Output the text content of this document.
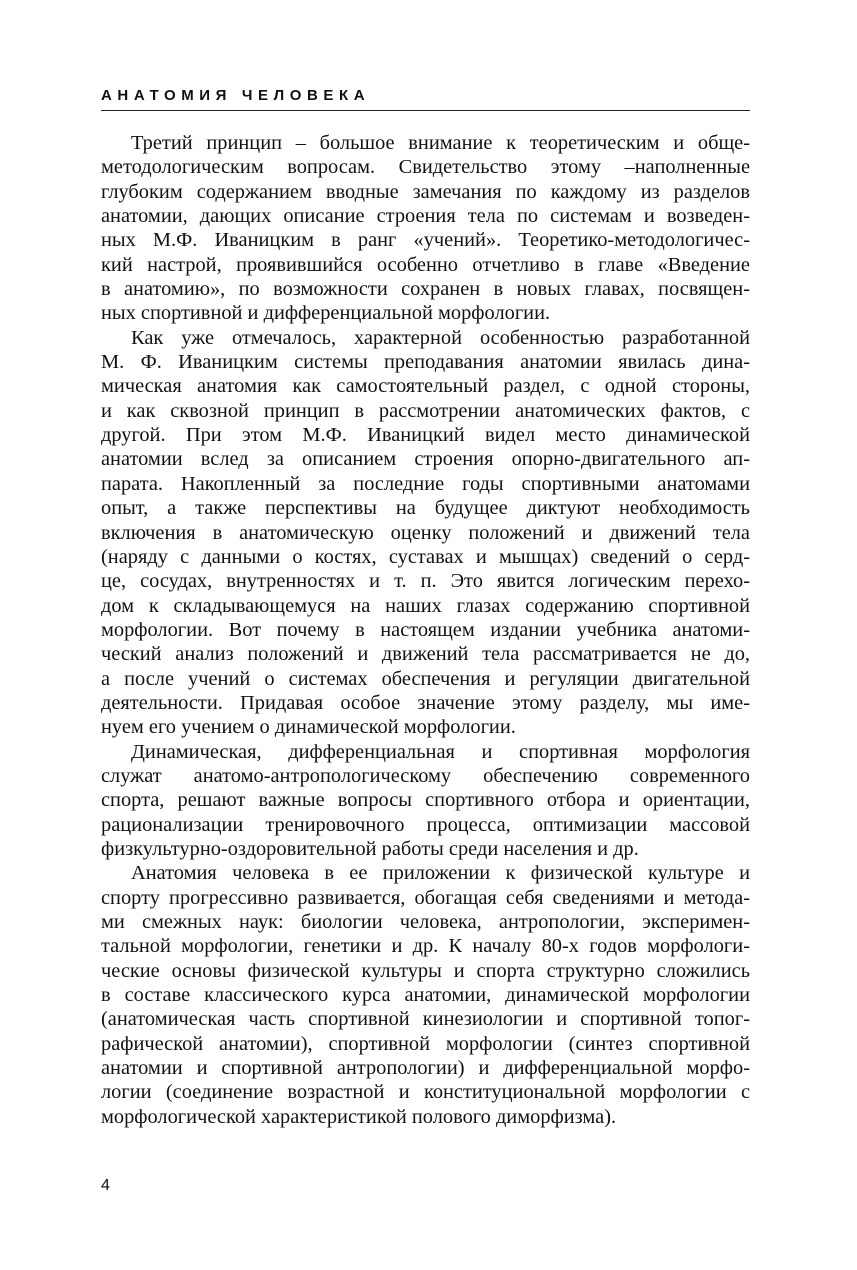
АНАТОМИЯ ЧЕЛОВЕКА
Третий принцип – большое внимание к теоретическим и обще-
методологическим вопросам. Свидетельство этому –наполненные
глубоким содержанием вводные замечания по каждому из разделов
анатомии, дающих описание строения тела по системам и возведен-
ных М.Ф. Иваницким в ранг «учений». Теоретико-методологичес-
кий настрой, проявившийся особенно отчетливо в главе «Введение
в анатомию», по возможности сохранен в новых главах, посвящен-
ных спортивной и дифференциальной морфологии.
Как уже отмечалось, характерной особенностью разработанной
М. Ф. Иваницким системы преподавания анатомии явилась дина-
мическая анатомия как самостоятельный раздел, с одной стороны,
и как сквозной принцип в рассмотрении анатомических фактов, с
другой. При этом М.Ф. Иваницкий видел место динамической
анатомии вслед за описанием строения опорно-двигательного ап-
парата. Накопленный за последние годы спортивными анатомами
опыт, а также перспективы на будущее диктуют необходимость
включения в анатомическую оценку положений и движений тела
(наряду с данными о костях, суставах и мышцах) сведений о серд-
це, сосудах, внутренностях и т. п. Это явится логическим перехо-
дом к складывающемуся на наших глазах содержанию спортивной
морфологии. Вот почему в настоящем издании учебника анатоми-
ческий анализ положений и движений тела рассматривается не до,
а после учений о системах обеспечения и регуляции двигательной
деятельности. Придавая особое значение этому разделу, мы име-
нуем его учением о динамической морфологии.
Динамическая, дифференциальная и спортивная морфология
служат анатомо-антропологическому обеспечению современного
спорта, решают важные вопросы спортивного отбора и ориентации,
рационализации тренировочного процесса, оптимизации массовой
физкультурно-оздоровительной работы среди населения и др.
Анатомия человека в ее приложении к физической культуре и
спорту прогрессивно развивается, обогащая себя сведениями и методa-
ми смежных наук: биологии человека, антропологии, эксперимен-
тальной морфологии, генетики и др. К началу 80-х годов морфологи-
ческие основы физической культуры и спорта структурно сложились
в составе классического курса анатомии, динамической морфологии
(анатомическая часть спортивной кинезиологии и спортивной топог-
рафической анатомии), спортивной морфологии (синтез спортивной
анатомии и спортивной антропологии) и дифференциальной морфо-
логии (соединение возрастной и конституциональной морфологии с
морфологической характеристикой полового диморфизма).
4
